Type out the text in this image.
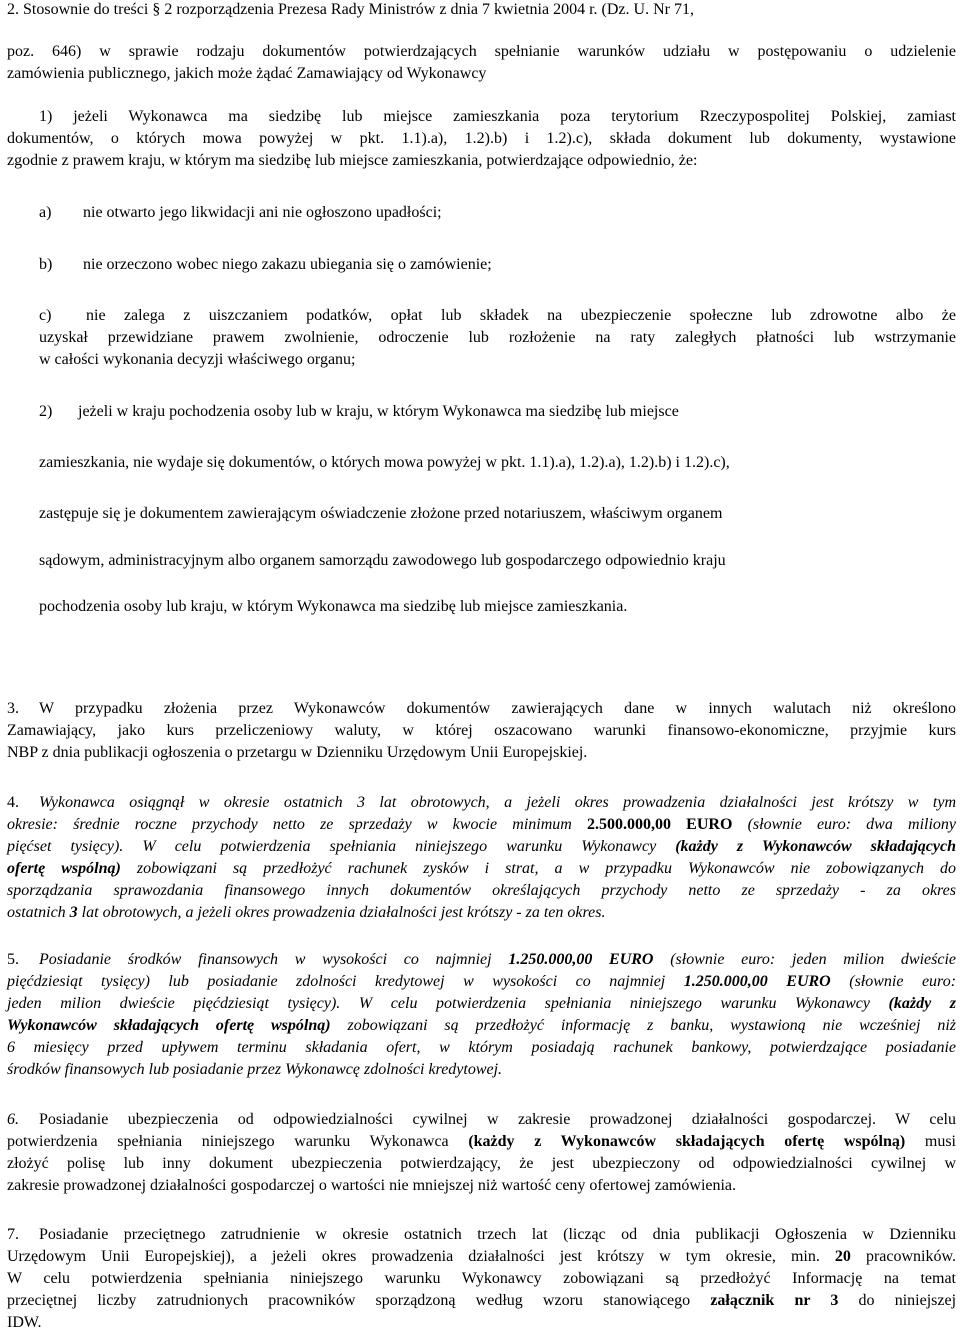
2. Stosownie do treści § 2 rozporządzenia Prezesa Rady Ministrów z dnia 7 kwietnia 2004 r. (Dz. U. Nr 71,
poz. 646) w sprawie rodzaju dokumentów potwierdzających spełnianie warunków udziału w postępowaniu o udzielenie
zamówienia publicznego, jakich może żądać Zamawiający od Wykonawcy
1) jeżeli Wykonawca ma siedzibę lub miejsce zamieszkania poza terytorium Rzeczypospolitej Polskiej, zamiast
dokumentów, o których mowa powyżej w pkt. 1.1).a), 1.2).b) i 1.2).c), składa dokument lub dokumenty, wystawione
zgodnie z prawem kraju, w którym ma siedzibę lub miejsce zamieszkania, potwierdzające odpowiednio, że:
a) nie otwarto jego likwidacji ani nie ogłoszono upadłości;
b) nie orzeczono wobec niego zakazu ubiegania się o zamówienie;
c) nie zalega z uiszczaniem podatków, opłat lub składek na ubezpieczenie społeczne lub zdrowotne albo że
uzyskał przewidziane prawem zwolnienie, odroczenie lub rozłożenie na raty zaległych płatności lub wstrzymanie
w całości wykonania decyzji właściwego organu;
2) jeżeli w kraju pochodzenia osoby lub w kraju, w którym Wykonawca ma siedzibę lub miejsce
zamieszkania, nie wydaje się dokumentów, o których mowa powyżej w pkt. 1.1).a), 1.2).a), 1.2).b) i 1.2).c),
zastępuje się je dokumentem zawierającym oświadczenie złożone przed notariuszem, właściwym organem
sądowym, administracyjnym albo organem samorządu zawodowego lub gospodarczego odpowiednio kraju
pochodzenia osoby lub kraju, w którym Wykonawca ma siedzibę lub miejsce zamieszkania.
3. W przypadku złożenia przez Wykonawców dokumentów zawierających dane w innych walutach niż określono
Zamawiający, jako kurs przeliczeniowy waluty, w której oszacowano warunki finansowo-ekonomiczne, przyjmie kurs
NBP z dnia publikacji ogłoszenia o przetargu w Dzienniku Urzędowym Unii Europejskiej.
4. Wykonawca osiągnął w okresie ostatnich 3 lat obrotowych, a jeżeli okres prowadzenia działalności jest krótszy w tym
okresie: średnie roczne przychody netto ze sprzedaży w kwocie minimum 2.500.000,00 EURO (słownie euro: dwa miliony
pięćset tysięcy). W celu potwierdzenia spełniania niniejszego warunku Wykonawcy (każdy z Wykonawców składających
ofertę wspólną) zobowiązani są przedłożyć rachunek zysków i strat, a w przypadku Wykonawców nie zobowiązanych do
sporządzania sprawozdania finansowego innych dokumentów określających przychody netto ze sprzedaży - za okres
ostatnich 3 lat obrotowych, a jeżeli okres prowadzenia działalności jest krótszy - za ten okres.
5. Posiadanie środków finansowych w wysokości co najmniej 1.250.000,00 EURO (słownie euro: jeden milion dwieście
pięćdziesiąt tysięcy) lub posiadanie zdolności kredytowej w wysokości co najmniej 1.250.000,00 EURO (słownie euro:
jeden milion dwieście pięćdziesiąt tysięcy). W celu potwierdzenia spełniania niniejszego warunku Wykonawcy (każdy z
Wykonawców składających ofertę wspólną) zobowiązani są przedłożyć informację z banku, wystawioną nie wcześniej niż
6 miesięcy przed upływem terminu składania ofert, w którym posiadają rachunek bankowy, potwierdzające posiadanie
środków finansowych lub posiadanie przez Wykonawcę zdolności kredytowej.
6. Posiadanie ubezpieczenia od odpowiedzialności cywilnej w zakresie prowadzonej działalności gospodarczej. W celu
potwierdzenia spełniania niniejszego warunku Wykonawca (każdy z Wykonawców składających ofertę wspólną) musi
złożyć polisę lub inny dokument ubezpieczenia potwierdzający, że jest ubezpieczony od odpowiedzialności cywilnej w
zakresie prowadzonej działalności gospodarczej o wartości nie mniejszej niż wartość ceny ofertowej zamówienia.
7. Posiadanie przeciętnego zatrudnienie w okresie ostatnich trzech lat (licząc od dnia publikacji Ogłoszenia w Dzienniku
Urzędowym Unii Europejskiej), a jeżeli okres prowadzenia działalności jest krótszy w tym okresie, min. 20 pracowników.
W celu potwierdzenia spełniania niniejszego warunku Wykonawcy zobowiązani są przedłożyć Informację na temat
przeciętnej liczby zatrudnionych pracowników sporządzoną według wzoru stanowiącego załącznik nr 3 do niniejszej
IDW.
